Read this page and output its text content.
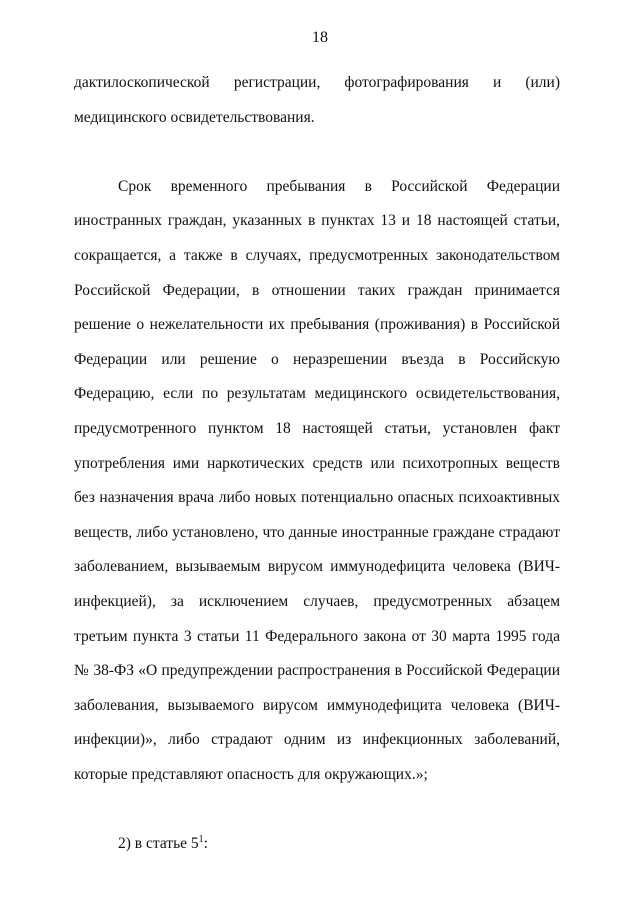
18

дактилоскопической регистрации, фотографирования и (или)
медицинского освидетельствования.

Срок временного пребывания в Российской Федерации иностранных граждан, указанных в пунктах 13 и 18 настоящей статьи, сокращается, а также в случаях, предусмотренных законодательством Российской Федерации, в отношении таких граждан принимается решение о нежелательности их пребывания (проживания) в Российской Федерации или решение о неразрешении въезда в Российскую Федерацию, если по результатам медицинского освидетельствования, предусмотренного пунктом 18 настоящей статьи, установлен факт употребления ими наркотических средств или психотропных веществ без назначения врача либо новых потенциально опасных психоактивных веществ, либо установлено, что данные иностранные граждане страдают заболеванием, вызываемым вирусом иммунодефицита человека (ВИЧ-инфекцией), за исключением случаев, предусмотренных абзацем третьим пункта 3 статьи 11 Федерального закона от 30 марта 1995 года № 38-ФЗ «О предупреждении распространения в Российской Федерации заболевания, вызываемого вирусом иммунодефицита человека (ВИЧ-инфекции)», либо страдают одним из инфекционных заболеваний, которые представляют опасность для окружающих.»;

2) в статье $5^1$:
